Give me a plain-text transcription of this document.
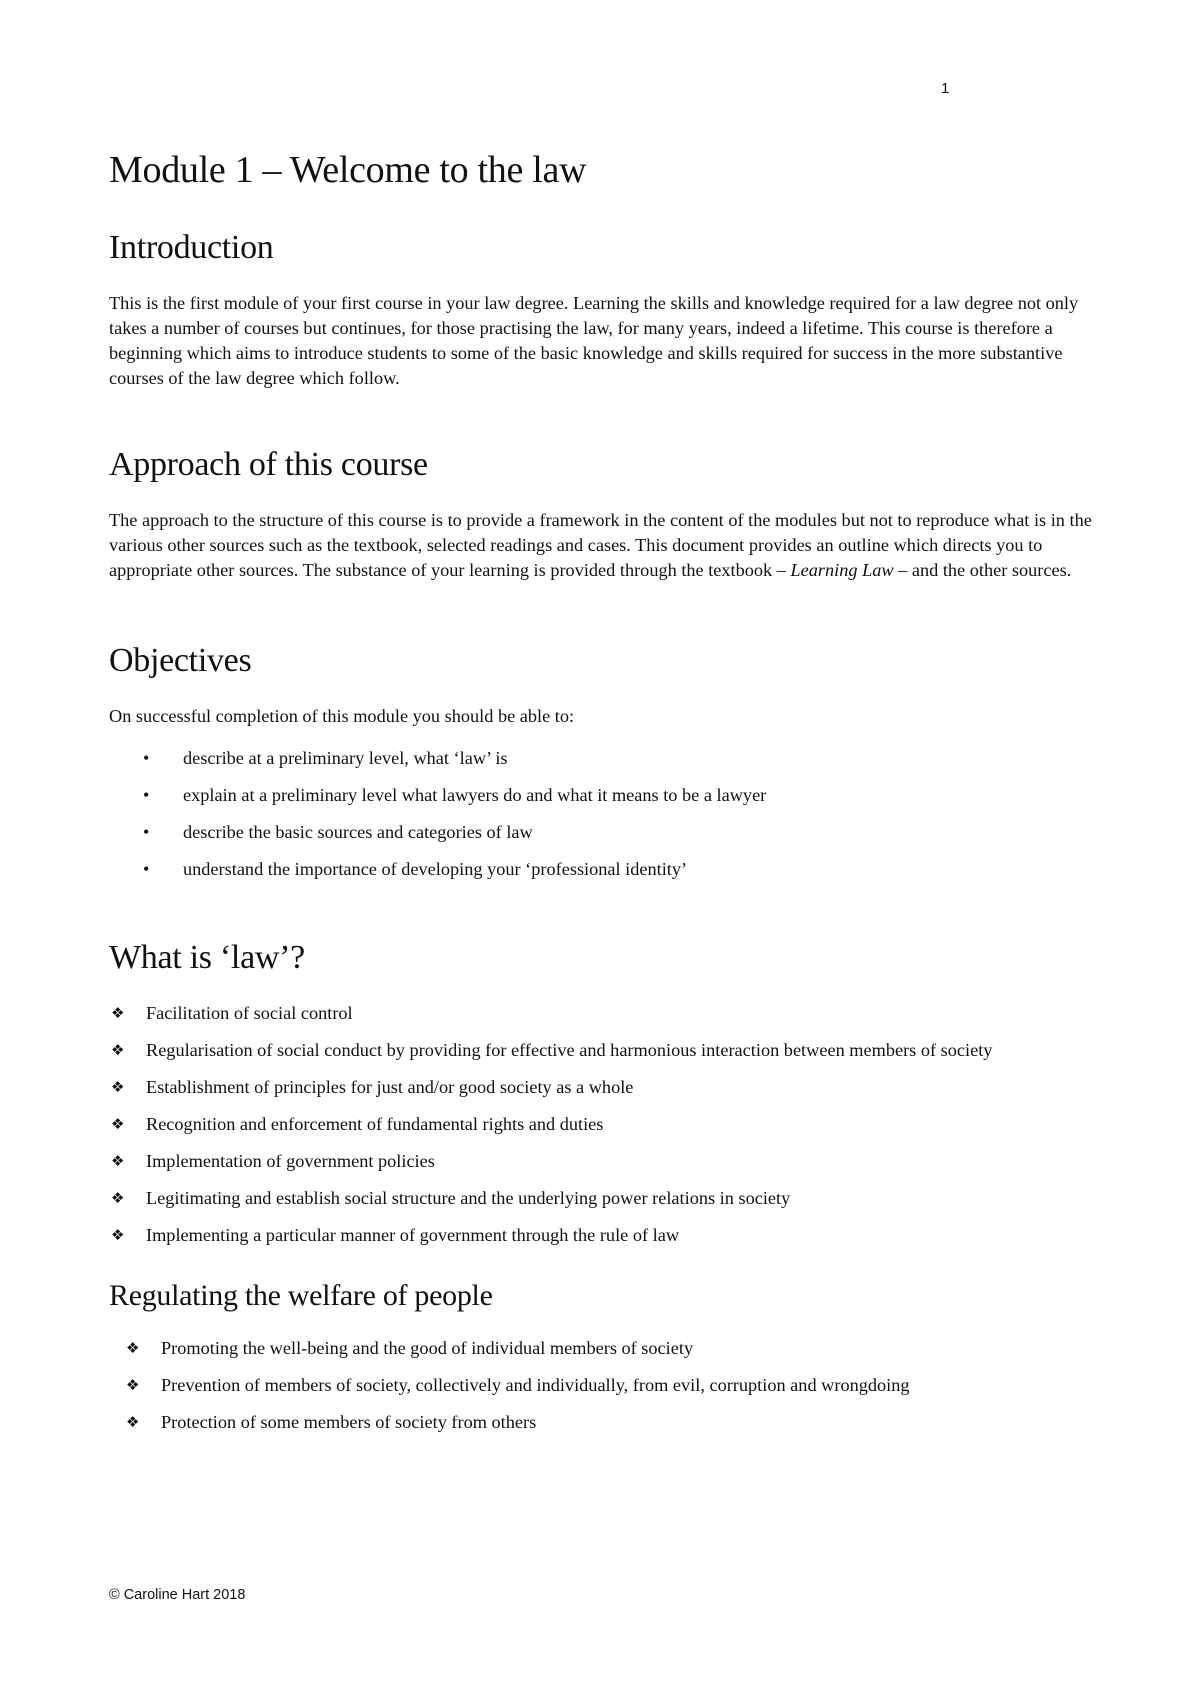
1
Module 1 – Welcome to the law
Introduction

This is the first module of your first course in your law degree. Learning the skills and knowledge required for a law degree not only takes a number of courses but continues, for those practising the law, for many years, indeed a lifetime. This course is therefore a beginning which aims to introduce students to some of the basic knowledge and skills required for success in the more substantive courses of the law degree which follow.

Approach of this course

The approach to the structure of this course is to provide a framework in the content of the modules but not to reproduce what is in the various other sources such as the textbook, selected readings and cases. This document provides an outline which directs you to appropriate other sources. The substance of your learning is provided through the textbook – Learning Law – and the other sources.

Objectives

On successful completion of this module you should be able to:

• describe at a preliminary level, what ‘law’ is
• explain at a preliminary level what lawyers do and what it means to be a lawyer
• describe the basic sources and categories of law
• understand the importance of developing your ‘professional identity’
What is ‘law’?
❖ Facilitation of social control
❖ Regularisation of social conduct by providing for effective and harmonious interaction between members of society
❖ Establishment of principles for just and/or good society as a whole
❖ Recognition and enforcement of fundamental rights and duties
❖ Implementation of government policies
❖ Legitimating and establish social structure and the underlying power relations in society
❖ Implementing a particular manner of government through the rule of law
Regulating the welfare of people
❖ Promoting the well-being and the good of individual members of society
❖ Prevention of members of society, collectively and individually, from evil, corruption and wrongdoing
❖ Protection of some members of society from others
© Caroline Hart 2018
